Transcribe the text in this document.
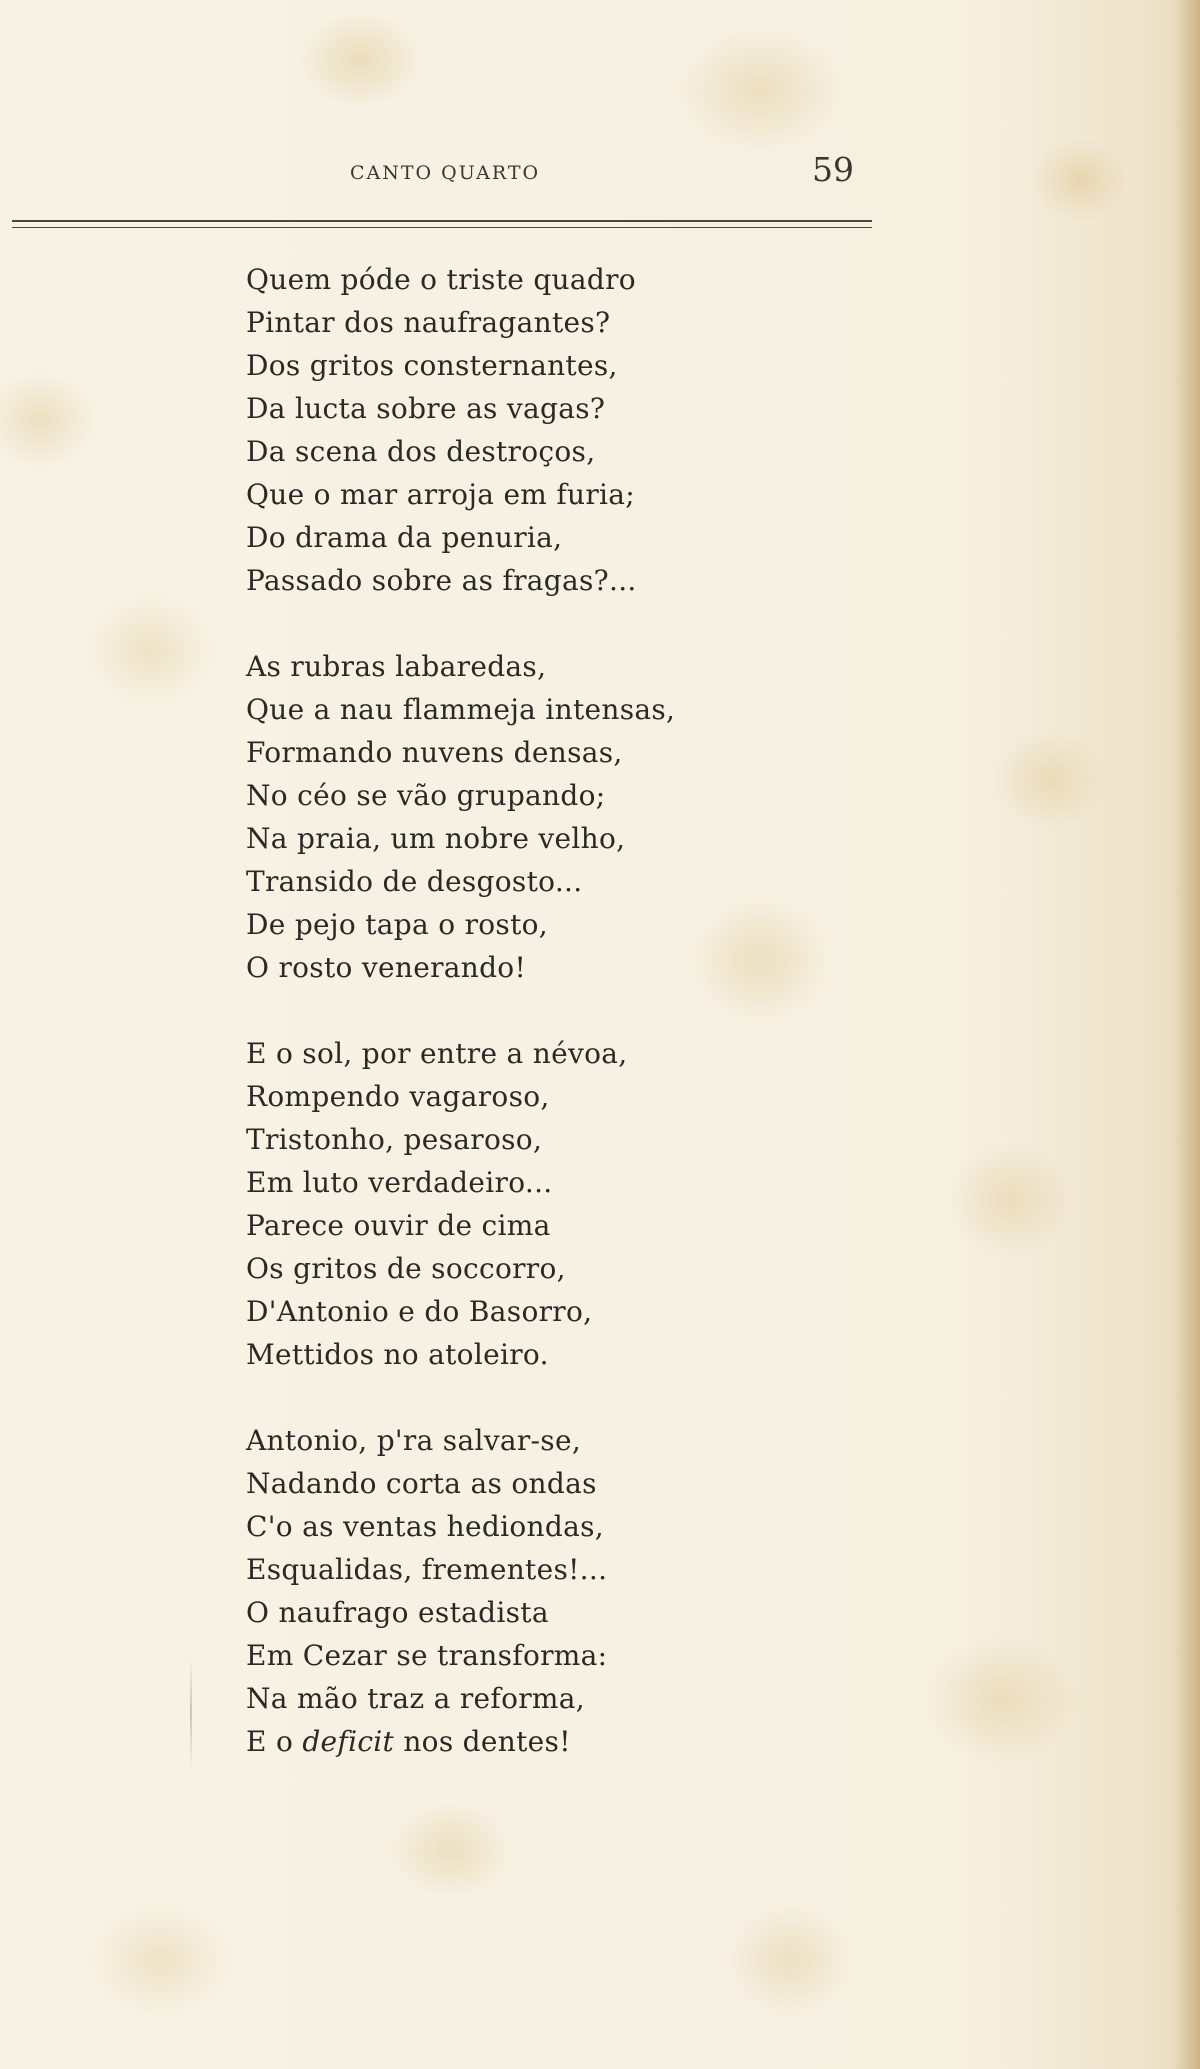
CANTO QUARTO	59
Quem póde o triste quadro
Pintar dos naufragantes?
Dos gritos consternantes,
Da lucta sobre as vagas?
Da scena dos destroços,
Que o mar arroja em furia;
Do drama da penuria,
Passado sobre as fragas?...
As rubras labaredas,
Que a nau flammeja intensas,
Formando nuvens densas,
No céo se vão grupando;
Na praia, um nobre velho,
Transido de desgosto...
De pejo tapa o rosto,
O rosto venerando!
E o sol, por entre a névoa,
Rompendo vagaroso,
Tristonho, pesaroso,
Em luto verdadeiro...
Parece ouvir de cima
Os gritos de soccorro,
D'Antonio e do Basorro,
Mettidos no atoleiro.
Antonio, p'ra salvar-se,
Nadando corta as ondas
C'o as ventas hediondas,
Esqualidas, frementes!...
O naufrago estadista
Em Cezar se transforma:
Na mão traz a reforma,
E o deficit nos dentes!
